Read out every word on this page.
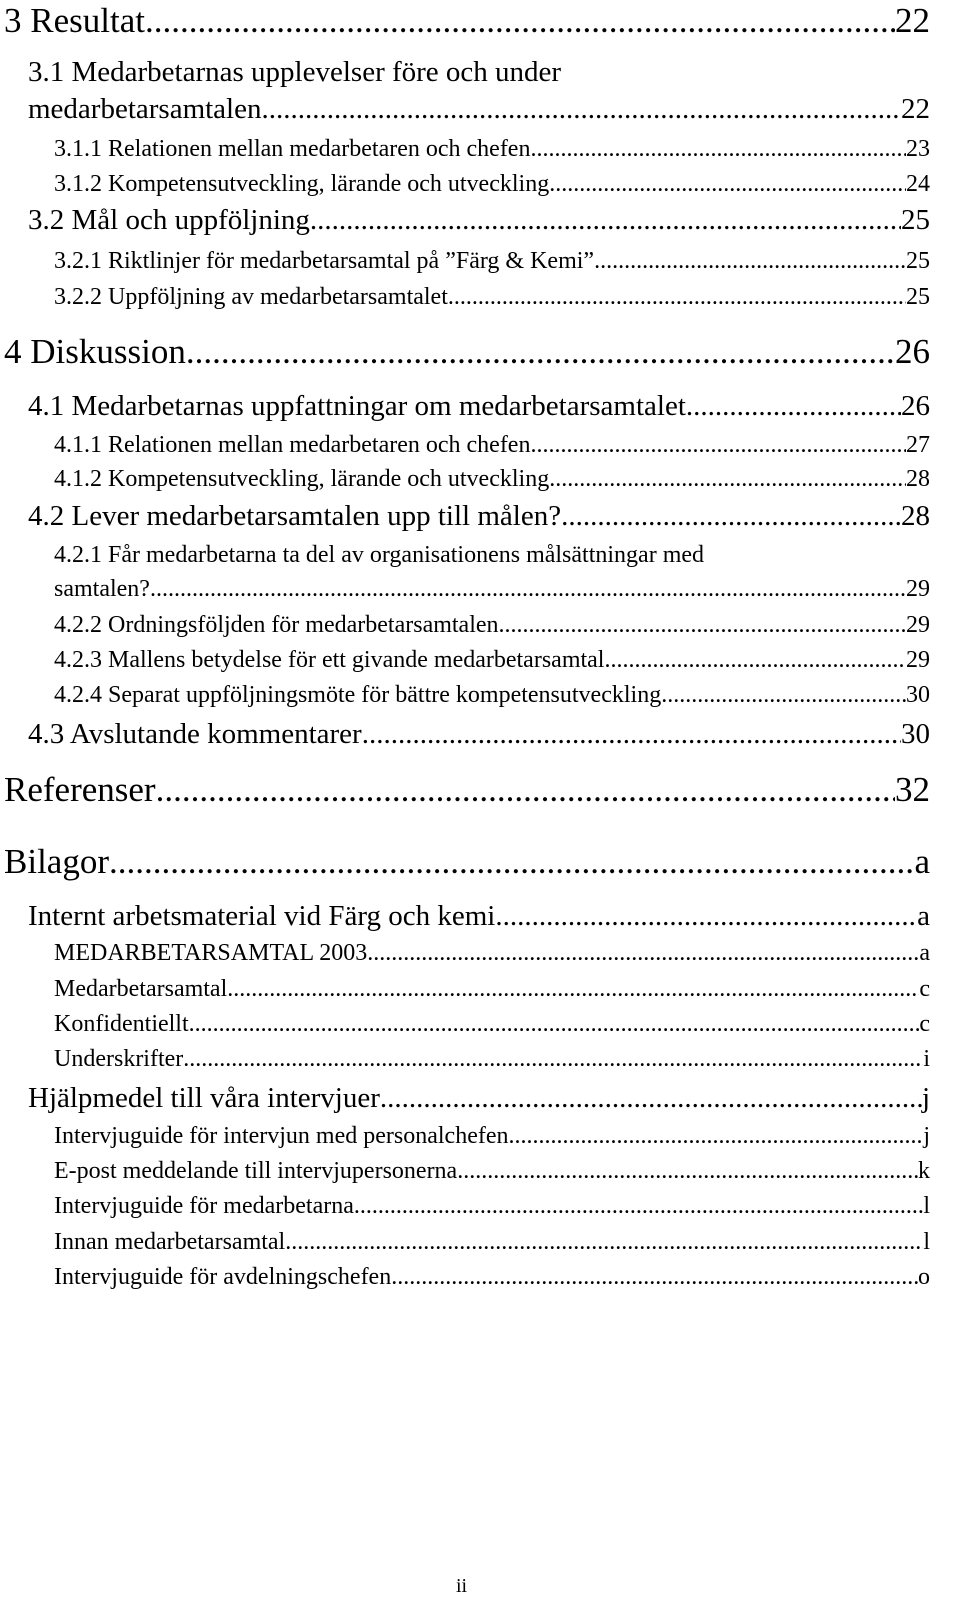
3 Resultat .....	22
3.1 Medarbetarnas upplevelser före och under
medarbetarsamtalen .....	22
3.1.1 Relationen mellan medarbetaren och chefen .....	23
3.1.2 Kompetensutveckling, lärande och utveckling .....	24
3.2 Mål och uppföljning .....	25
3.2.1 Riktlinjer för medarbetarsamtal på ”Färg & Kemi” .....	25
3.2.2 Uppföljning av medarbetarsamtalet .....	25
4 Diskussion .....	26
4.1 Medarbetarnas uppfattningar om medarbetarsamtalet .....	26
4.1.1 Relationen mellan medarbetaren och chefen .....	27
4.1.2 Kompetensutveckling, lärande och utveckling .....	28
4.2 Lever medarbetarsamtalen upp till målen? .....	28
4.2.1 Får medarbetarna ta del av organisationens målsättningar med
samtalen? .....	29
4.2.2 Ordningsföljden för medarbetarsamtalen .....	29
4.2.3 Mallens betydelse för ett givande medarbetarsamtal .....	29
4.2.4 Separat uppföljningsmöte för bättre kompetensutveckling .....	30
4.3 Avslutande kommentarer .....	30
Referenser .....	32
Bilagor .....	a
Internt arbetsmaterial vid Färg och kemi .....	a
MEDARBETARSAMTAL 2003 .....	a
Medarbetarsamtal .....	c
Konfidentiellt .....	c
Underskrifter .....	i
Hjälpmedel till våra intervjuer .....	j
Intervjuguide för intervjun med personalchefen .....	j
E-post meddelande till intervjupersonerna .....	k
Intervjuguide för medarbetarna .....	l
Innan medarbetarsamtal .....	l
Intervjuguide för avdelningschefen .....	o
ii
